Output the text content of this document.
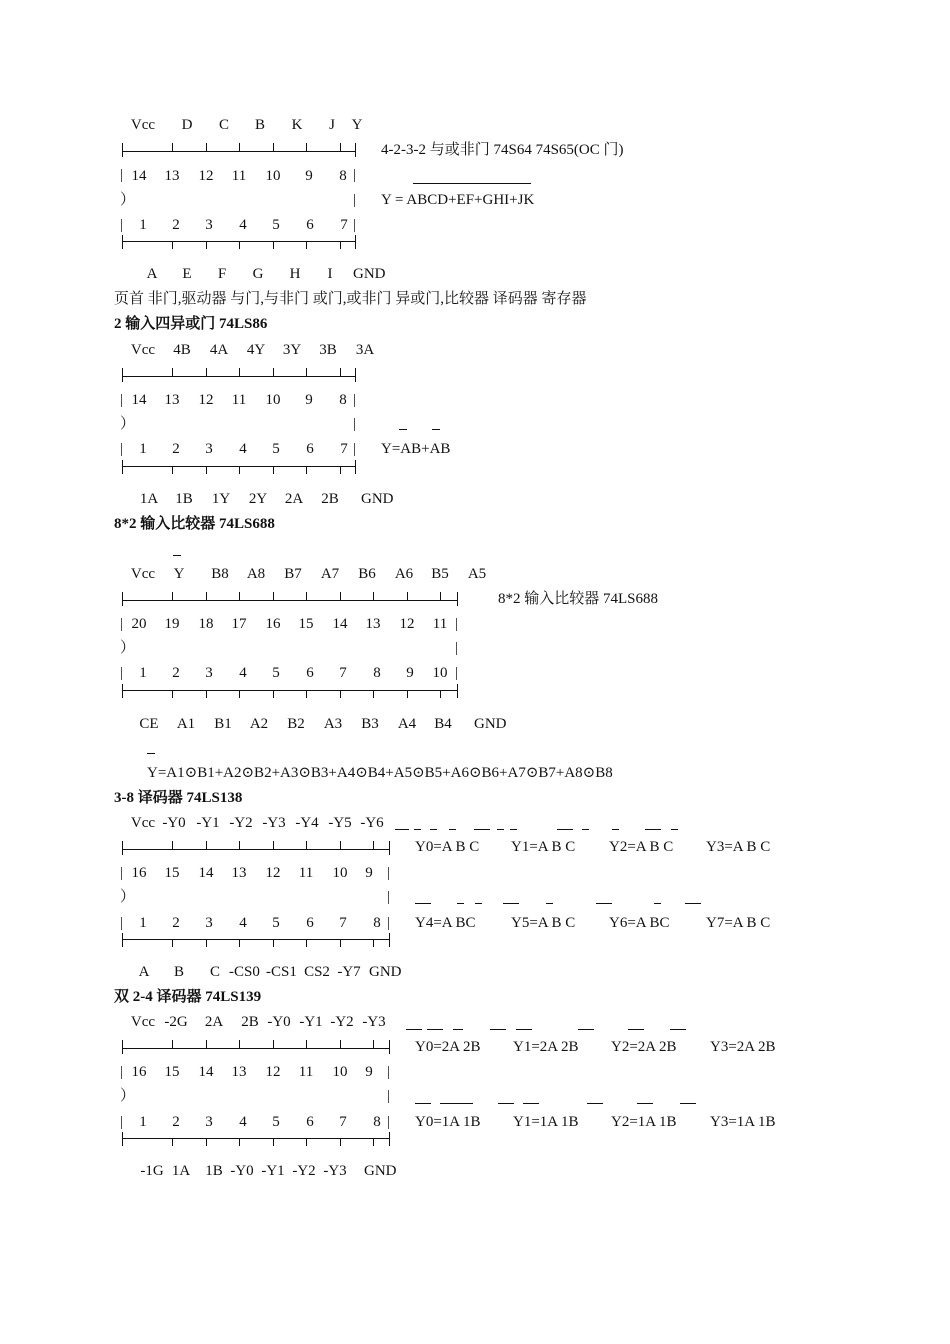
Vcc	D	C	B	K	J	Y
|	|
14	13	12	11	10	9	8
）	|
|	|
1	2	3	4	5	6	7
A	E	F	G	H	I	GND
4-2-3-2 与或非门 74S64 74S65(OC 门)
Y = ABCD+EF+GHI+JK
页首 非门,驱动器 与门,与非门 或门,或非门 异或门,比较器 译码器 寄存器
2 输入四异或门 74LS86
Vcc	4B	4A	4Y	3Y	3B	3A
|	|
14	13	12	11	10	9	8
）	|
|	|
1	2	3	4	5	6	7
1A	1B	1Y	2Y	2A	2B	GND
Y=AB+AB
8*2 输入比较器 74LS688
Vcc	Y	B8	A8	B7	A7	B6	A6	B5	A5
|	|
20	19	18	17	16	15	14	13	12	11
）	|
|	|
1	2	3	4	5	6	7	8	9	10
CE	A1	B1	A2	B2	A3	B3	A4	B4	GND
8*2 输入比较器 74LS688
Y=A1⊙B1+A2⊙B2+A3⊙B3+A4⊙B4+A5⊙B5+A6⊙B6+A7⊙B7+A8⊙B8
3-8 译码器 74LS138
Vcc -Y0 -Y1 -Y2 -Y3 -Y4 -Y5 -Y6
|	|
16	15	14	13	12	11	10	9
）	|
|	|
1	2	3	4	5	6	7	8
A	B	C -CS0 -CS1 CS2 -Y7 GND
Y0=A B C Y1=A B C Y2=A B C Y3=A B C
Y4=A BC Y5=A B C Y6=A BC Y7=A B C
双 2-4 译码器 74LS139
Vcc -2G	2A	2B -Y0 -Y1 -Y2 -Y3
|	|
16	15	14	13	12	11	10	9
）	|
|	|
1	2	3	4	5	6	7	8
-1G 1A	1B -Y0 -Y1 -Y2 -Y3 GND
Y0=2A 2B Y1=2A 2B Y2=2A 2B Y3=2A 2B
Y0=1A 1B Y1=1A 1B Y2=1A 1B Y3=1A 1B
